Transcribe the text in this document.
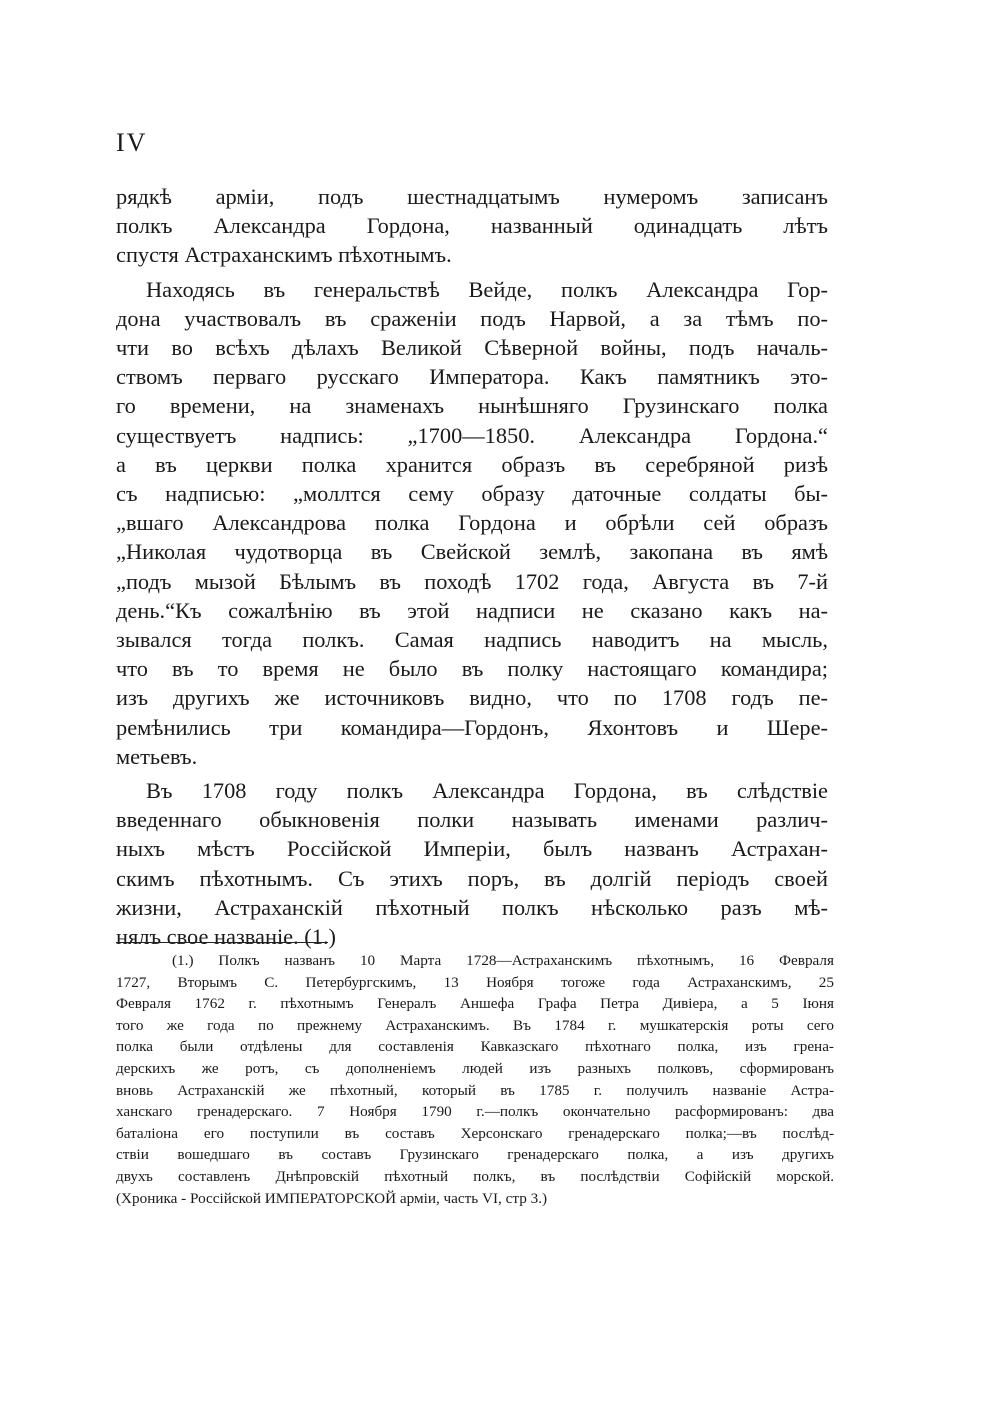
IV
рядкѣ арміи, подъ шестнадцатымъ нумеромъ записанъ
полкъ Александра Гордона, названный одинадцать лѣтъ
спустя Астраханскимъ пѣхотнымъ.
Находясь въ генеральствѣ Вейде, полкъ Александра Гор-
дона участвовалъ въ сраженіи подъ Нарвой, а за тѣмъ по-
чти во всѣхъ дѣлахъ Великой Сѣверной войны, подъ началь-
ствомъ перваго русскаго Императора. Какъ памятникъ это-
го времени, на знаменахъ нынѣшняго Грузинскаго полка
существуетъ надпись: „1700—1850. Александра Гордона.“
а въ церкви полка хранится образъ въ серебряной ризѣ
съ надписью: „моллтся сему образу даточные солдаты бы-
„вшаго Александрова полка Гордона и обрѣли сей образъ
„Николая чудотворца въ Свейской землѣ, закопана въ ямѣ
„подъ мызой Бѣлымъ въ походѣ 1702 года, Августа въ 7-й
день.“Къ сожалѣнію въ этой надписи не сказано какъ на-
зывался тогда полкъ. Самая надпись наводитъ на мысль,
что въ то время не было въ полку настоящаго командира;
изъ другихъ же источниковъ видно, что по 1708 годъ пе-
ремѣнились три командира—Гордонъ, Яхонтовъ и Шере-
метьевъ.
Въ 1708 году полкъ Александра Гордона, въ слѣдствіе
введеннаго обыкновенія полки называть именами различ-
ныхъ мѣстъ Россійской Имперіи, былъ названъ Астрахан-
скимъ пѣхотнымъ. Съ этихъ поръ, въ долгій періодъ своей
жизни, Астраханскій пѣхотный полкъ нѣсколько разъ мѣ-
нялъ свое названіе. (1.)
(1.) Полкъ названъ 10 Марта 1728—Астраханскимъ пѣхотнымъ, 16 Февраля
1727, Вторымъ С. Петербургскимъ, 13 Ноября тогоже года Астраханскимъ, 25
Февраля 1762 г. пѣхотнымъ Генералъ Аншефа Графа Петра Дивіера, а 5 Іюня
того же года по прежнему Астраханскимъ. Въ 1784 г. мушкатерскія роты сего
полка были отдѣлены для составленія Кавказскаго пѣхотнаго полка, изъ грена-
дерскихъ же ротъ, съ дополненіемъ людей изъ разныхъ полковъ, сформированъ
вновь Астраханскій же пѣхотный, который въ 1785 г. получилъ названіе Астра-
ханскаго гренадерскаго. 7 Ноября 1790 г.—полкъ окончательно расформированъ: два
баталіона его поступили въ составъ Херсонскаго гренадерскаго полка;—въ послѣд-
ствіи вошедшаго въ составъ Грузинскаго гренадерскаго полка, а изъ другихъ
двухъ составленъ Днѣпровскій пѣхотный полкъ, въ послѣдствіи Софійскій морской.
(Хроника - Россійской ИМПЕРАТОРСКОЙ арміи, часть VI, стр 3.)
